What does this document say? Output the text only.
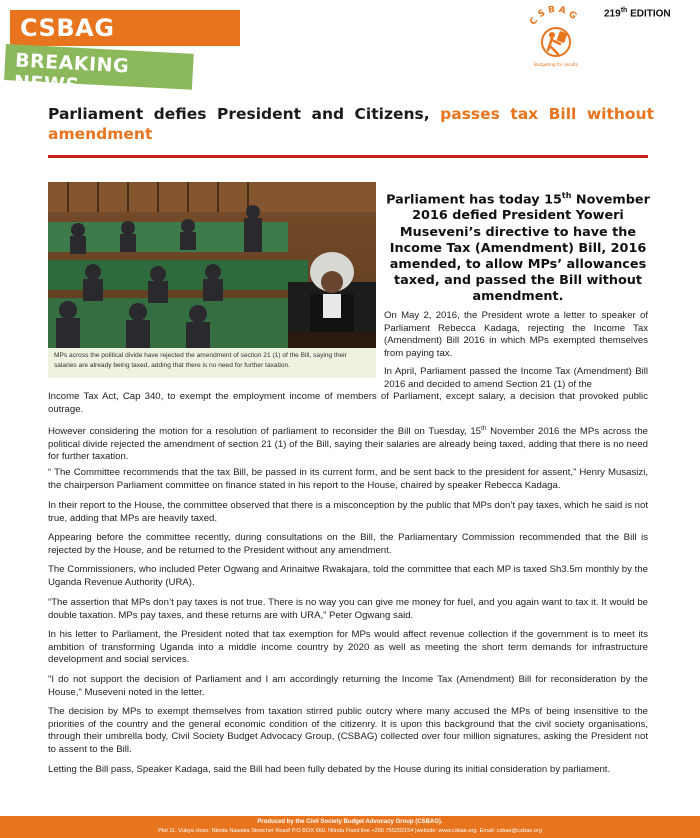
CSBAG
BREAKING NEWS
CSBAG
Budgeting for results
219th EDITION
Parliament defies President and Citizens, passes tax Bill without amendment
MPs across the political divide have rejected the amendment of section 21 (1) of the Bill, saying their salaries are already being taxed, adding that there is no need for further taxation.
Parliament has today 15th November 2016 defied President Yoweri Museveni’s directive to have the Income Tax (Amendment) Bill, 2016 amended, to allow MPs’ allowances taxed, and passed the Bill without amendment.

On May 2, 2016, the President wrote a letter to speaker of Parliament Rebecca Kadaga, rejecting the Income Tax (Amendment) Bill 2016 in which MPs exempted themselves from paying tax.

In April, Parliament passed the Income Tax (Amendment) Bill 2016 and decided to amend Section 21 (1) of the

Income Tax Act, Cap 340, to exempt the employment income of members of Parliament, except salary, a decision that provoked public outrage.

However considering the motion for a resolution of parliament to reconsider the Bill on Tuesday, 15th November 2016 the MPs across the political divide rejected the amendment of section 21 (1) of the Bill, saying their salaries are already being taxed, adding that there is no need for further taxation.

“ The Committee recommends that the tax Bill, be passed in its current form, and be sent back to the president for assent,” Henry Musasizi, the chairperson Parliament committee on finance stated in his report to the House, chaired by speaker Rebecca Kadaga.

In their report to the House, the committee observed that there is a misconception by the public that MPs don’t pay taxes, which he said is not true, adding that MPs are heavily taxed.

Appearing before the committee recently, during consultations on the Bill, the Parliamentary Commission recommended that the Bill is rejected by the House, and be returned to the President without any amendment.

The Commissioners, who included Peter Ogwang and Arinaitwe Rwakajara, told the committee that each MP is taxed Sh3.5m monthly by the Uganda Revenue Authority (URA).

“The assertion that MPs don’t pay taxes is not true. There is no way you can give me money for fuel, and you again want to tax it. It would be double taxation. MPs pay taxes, and these returns are with URA,” Peter Ogwang said.

In his letter to Parliament, the President noted that tax exemption for MPs would affect revenue collection if the government is to meet its ambition of transforming Uganda into a middle income country by 2020 as well as meeting the short term demands for infrastructure development and social services.

"I do not support the decision of Parliament and I am accordingly returning the Income Tax (Amendment) Bill for reconsideration by the House," Museveni noted in the letter.

The decision by MPs to exempt themselves from taxation stirred public outcry where many accused the MPs of being insensitive to the priorities of the country and the general economic condition of the citizenry. It is upon this background that the civil society organisations, through their umbrella body, Civil Society Budget Advocacy Group, (CSBAG) collected over four million signatures, asking the President not to assent to the Bill.

Letting the Bill pass, Speaker Kadaga, said the Bill had been fully debated by the House during its initial consideration by parliament.

Produced by the Civil Society Budget Advocacy Group (CSBAG).
Plot 11. Vubya close. Ntinda Nawaka Stretcher Road! P.O BOX 660. Ntinda Fixed line +256 755202154 |website: www.csbae.org. Email: csbae@csbae.org
